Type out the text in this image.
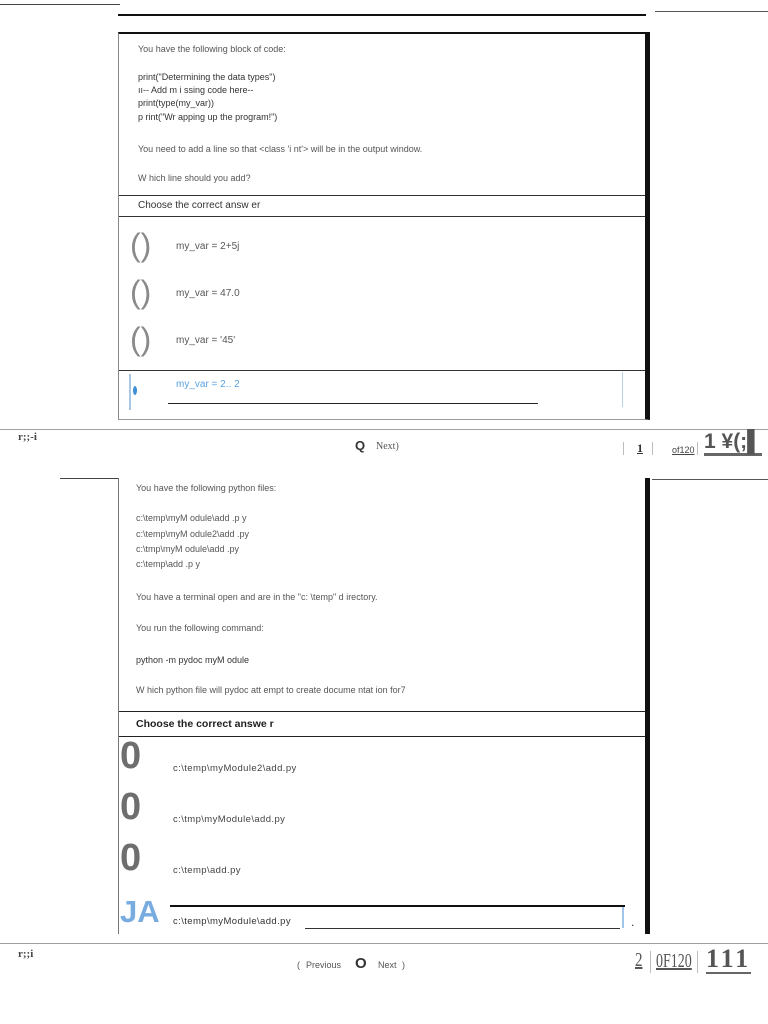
You have the following block of code:
print("Determining the data types")
ıı-- Add m i ssing code here--
print(type(my_var))
p rint("Wr apping up the program!")
You need to add a line so that <class 'i nt'> will be in the output window.
W hich line should you add?
Choose the correct answ er
() my_var = 2+5j
() my_var = 47.0
() my_var = '45'
my_var = 2.. 2
r;;-i
Q Next)	1	of120 1 ¥(;▌
You have the following python files:
c:\temp\myM odule\add .p y
c:\temp\myM odule2\add .py
c:\tmp\myM odule\add .py
c:\temp\add .p y
You have a terminal open and are in the "c: \temp" d irectory.
You run the following command:
python -m pydoc myM odule
W hich python file will pydoc att empt to create docume ntat ion for7
Choose the correct answe r
0	c:\temp\myModule2\add.py
0	c:\tmp\myModule\add.py
0	c:\temp\add.py
JA c:\temp\myModule\add.py	.
r;;i
( Previous O Next )	2 0F120 111
